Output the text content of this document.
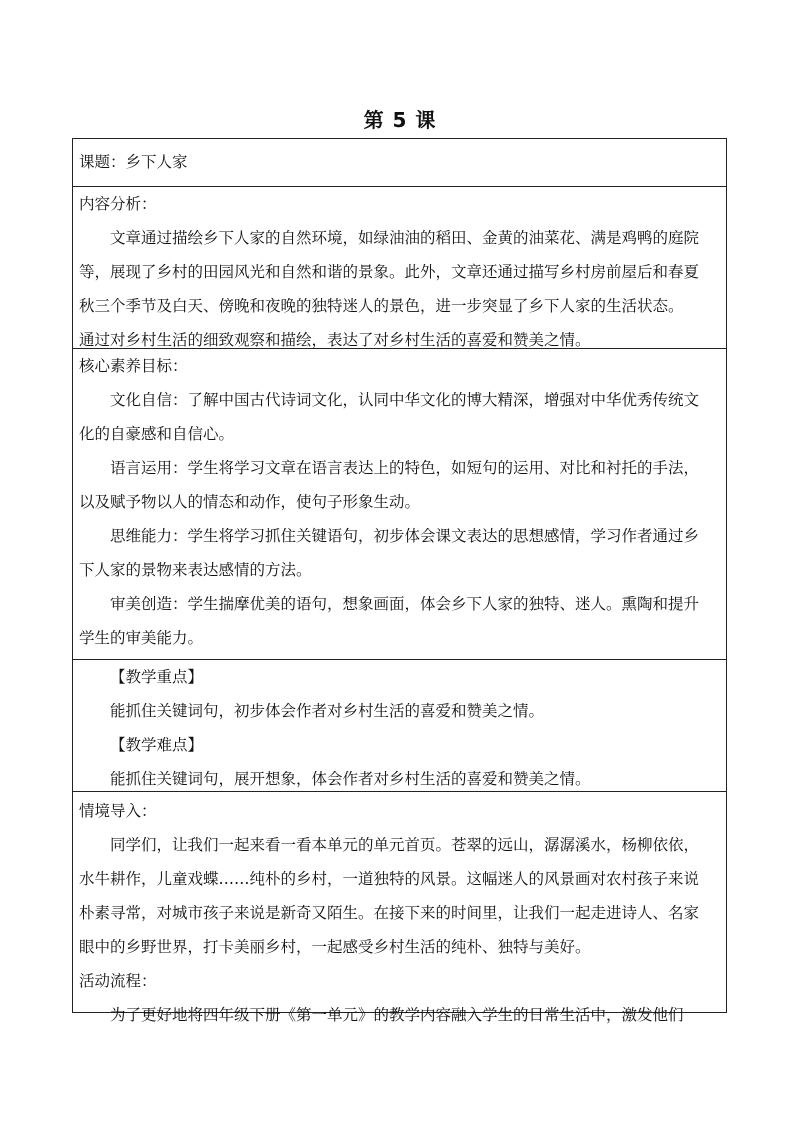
第 5 课
课题：乡下人家
内容分析：
文章通过描绘乡下人家的自然环境，如绿油油的稻田、金黄的油菜花、满是鸡鸭的庭院
等，展现了乡村的田园风光和自然和谐的景象。此外，文章还通过描写乡村房前屋后和春夏
秋三个季节及白天、傍晚和夜晚的独特迷人的景色，进一步突显了乡下人家的生活状态。
通过对乡村生活的细致观察和描绘，表达了对乡村生活的喜爱和赞美之情。
核心素养目标：
文化自信：了解中国古代诗词文化，认同中华文化的博大精深，增强对中华优秀传统文
化的自豪感和自信心。
语言运用：学生将学习文章在语言表达上的特色，如短句的运用、对比和衬托的手法，
以及赋予物以人的情态和动作，使句子形象生动。
思维能力：学生将学习抓住关键语句，初步体会课文表达的思想感情，学习作者通过乡
下人家的景物来表达感情的方法。
审美创造：学生揣摩优美的语句，想象画面，体会乡下人家的独特、迷人。熏陶和提升
学生的审美能力。
【教学重点】
能抓住关键词句，初步体会作者对乡村生活的喜爱和赞美之情。
【教学难点】
能抓住关键词句，展开想象，体会作者对乡村生活的喜爱和赞美之情。
情境导入：
同学们，让我们一起来看一看本单元的单元首页。苍翠的远山，潺潺溪水，杨柳依依，
水牛耕作，儿童戏蝶……纯朴的乡村，一道独特的风景。这幅迷人的风景画对农村孩子来说
朴素寻常，对城市孩子来说是新奇又陌生。在接下来的时间里，让我们一起走进诗人、名家
眼中的乡野世界，打卡美丽乡村，一起感受乡村生活的纯朴、独特与美好。
活动流程：
为了更好地将四年级下册《第一单元》的教学内容融入学生的日常生活中，激发他们
